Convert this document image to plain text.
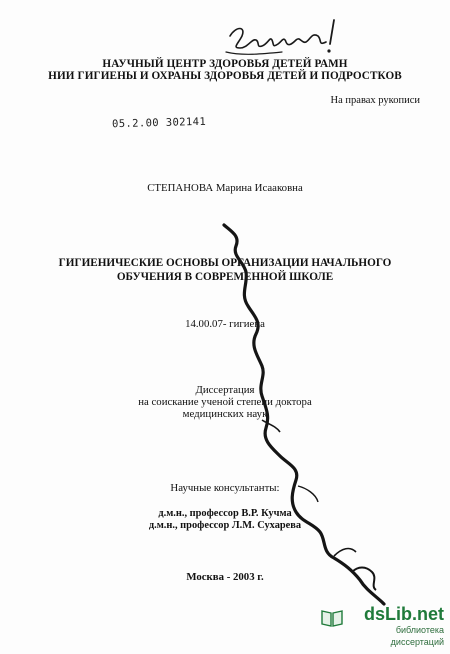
НАУЧНЫЙ ЦЕНТР ЗДОРОВЬЯ ДЕТЕЙ РАМН
НИИ ГИГИЕНЫ И ОХРАНЫ ЗДОРОВЬЯ ДЕТЕЙ И ПОДРОСТКОВ
На правах рукописи
05.2.00 302141
СТЕПАНОВА Марина Исааковна
ГИГИЕНИЧЕСКИЕ ОСНОВЫ ОРГАНИЗАЦИИ НАЧАЛЬНОГО
ОБУЧЕНИЯ В СОВРЕМЕННОЙ ШКОЛЕ
14.00.07- гигиена
Диссертация
на соискание ученой степени доктора
медицинских наук
Научные консультанты:
д.м.н., профессор В.Р. Кучма
д.м.н., профессор Л.М. Сухарева
Москва - 2003 г.
dsLib.net
библиотека диссертаций
